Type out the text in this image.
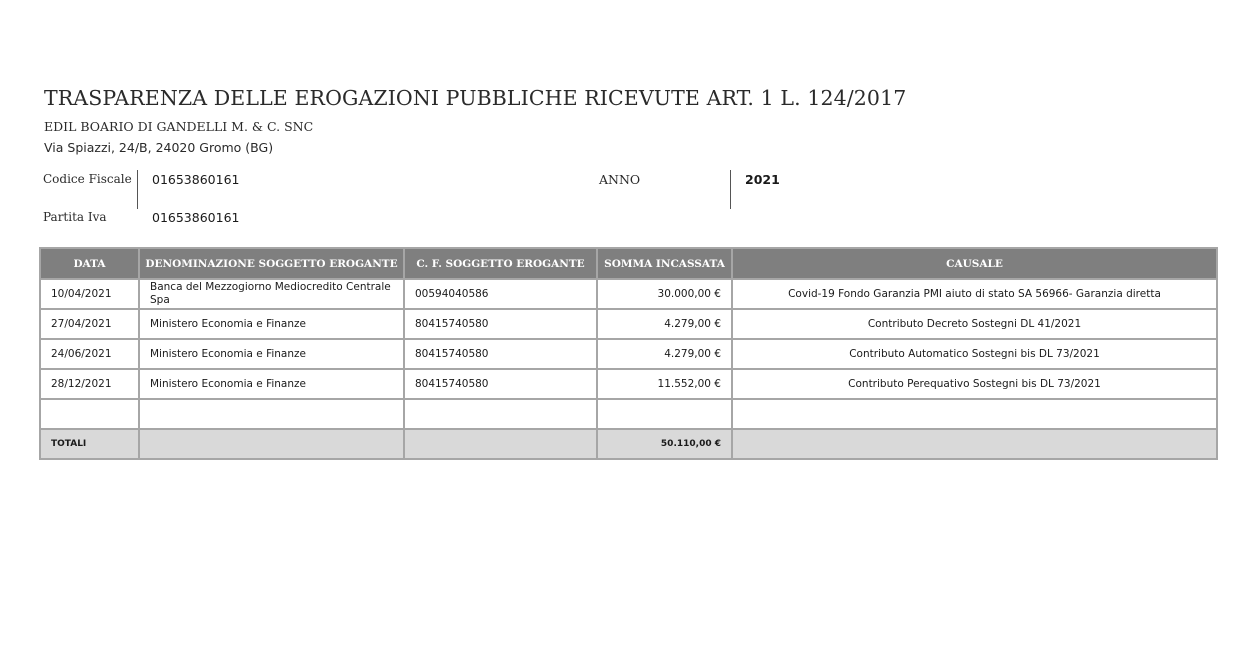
TRASPARENZA DELLE EROGAZIONI PUBBLICHE RICEVUTE ART. 1 L. 124/2017
EDIL BOARIO DI GANDELLI M. & C. SNC
Via Spiazzi, 24/B, 24020 Gromo (BG)
Codice Fiscale 01653860161
Partita Iva	01653860161
ANNO	2021
DATA	DENOMINAZIONE SOGGETTO EROGANTE	C. F. SOGGETTO EROGANTE	SOMMA INCASSATA	CAUSALE
10/04/2021	Banca del Mezzogiorno Mediocredito Centrale Spa	00594040586	30.000,00 €	Covid-19 Fondo Garanzia PMI aiuto di stato SA 56966- Garanzia diretta
27/04/2021	Ministero Economia e Finanze	80415740580	4.279,00 €	Contributo Decreto Sostegni DL 41/2021
24/06/2021	Ministero Economia e Finanze	80415740580	4.279,00 €	Contributo Automatico Sostegni bis DL 73/2021
28/12/2021	Ministero Economia e Finanze	80415740580	11.552,00 €	Contributo Perequativo Sostegni bis DL 73/2021

TOTALI			50.110,00 €	
